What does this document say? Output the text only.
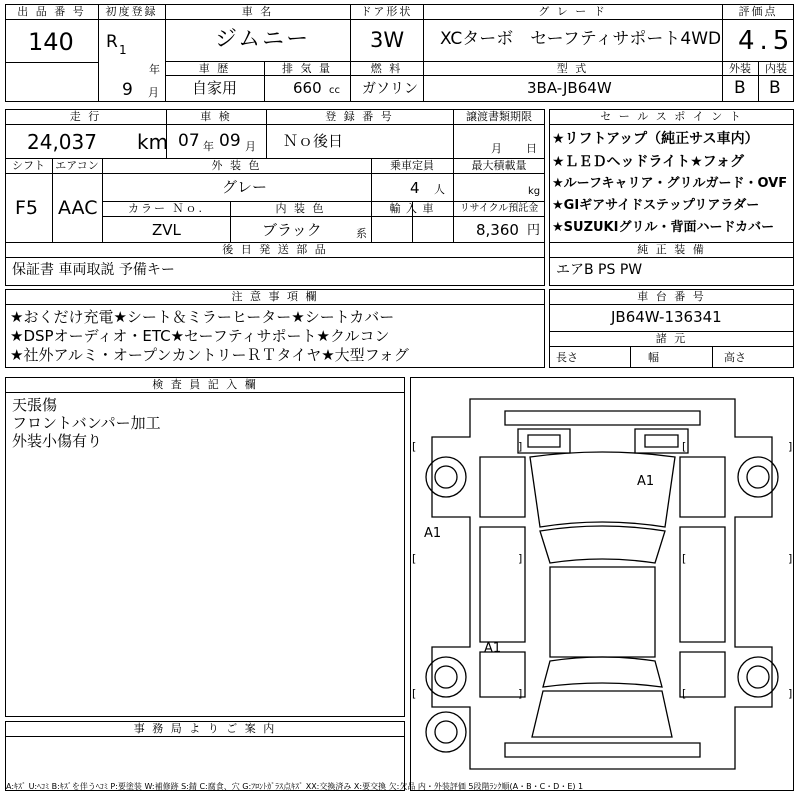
出 品 番 号
140
初度登録
R 1
年
9 月
車 名
ジムニー
ドア形状
3W
グ レ ー ド
XCターボ　セーフティサポート4WD
評価点
4.5
車 歴
自家用
排 気 量
660 cc
燃 料
ガソリン
型 式
3BA-JB64W
外装
B
内装
B
走 行
24,037 km
車 検
07 年 09 月
登 録 番 号
Ｎｏ後日
譲渡書類期限
月 日
シフト
F5
エアコン
AAC
外 装 色
グレー
乗車定員
4 人
最大積載量
kg
カラー Ｎｏ.
ZVL
内 装 色
ブラック	系
輸 入 車	リサイクル預託金
8,360 円
後 日 発 送 部 品
保証書 車両取説 予備キー
セ ー ル ス ポ イ ン ト
★リフトアップ（純正サス車内）
★ＬＥＤヘッドライト★フォグ
★ルーフキャリア・グリルガード・OVF
★GIギアサイドステップリアラダー
★SUZUKIグリル・背面ハードカバー
純 正 装 備
エアB PS PW
注 意 事 項 欄
★おくだけ充電★シート＆ミラーヒーター★シートカバー
★DSPオーディオ・ETC★セーフティサポート★クルコン
★社外アルミ・オープンカントリーＲＴタイヤ★大型フォグ
車 台 番 号
JB64W-136341
諸 元
長さ	幅	高さ
検 査 員 記 入 欄
天張傷
フロントバンパー加工
外装小傷有り
事 務 局 よ り ご 案 内
A1
A1
A1
[	]	[	]
[	]	[	]
[	]	[	]
A:ｷｽﾞ U:ﾍｺﾐ B:ｷｽﾞを伴うﾍｺﾐ P:要塗装 W:補修跡 S:錆 C:腐食、穴 G:ﾌﾛﾝﾄｶﾞﾗｽ点ｷｽﾞ XX:交換済み X:要交換 欠:欠品 内・外装評価 5段階ﾗﾝｸ順(A・B・C・D・E) 1
